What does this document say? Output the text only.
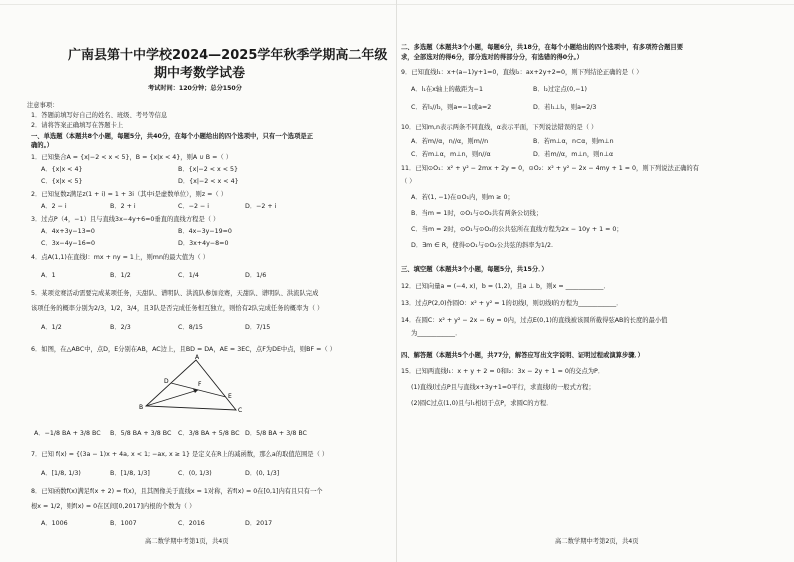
广南县第十中学校2024—2025学年秋季学期高二年级
期中考数学试卷
考试时间：120分钟；总分150分
注意事项：
1．答题前填写好自己的姓名、班级、考号等信息
2．请将答案正确填写在答题卡上
一、单选题（本题共8个小题，每题5分，共40分，在每个小题给出的四个选项中，只有一个选项是正
确的。）
1．已知集合A = {x|−2 < x < 5}，B = {x|x < 4}，则A ∪ B =（ ）
A．{x|x < 4}	B．{x|−2 < x < 5}
C．{x|x < 5}	D．{x|−2 < x < 4}
2．已知复数z满足z(1 + i) = 1 + 3i（其中i是虚数单位），则z =（ ）
A．2 − i	B．2 + i	C．−2 − i	D．−2 + i
3．过点P（4，−1）且与直线3x−4y+6=0垂直的直线方程是（ ）
A．4x+3y−13=0	B．4x−3y−19=0
C．3x−4y−16=0	D．3x+4y−8=0
4．点A(1,1)在直线l：mx + ny = 1上，则mn的最大值为（ ）
A．1	B．1/2	C．1/4	D．1/6
5．某项竞赛活动需要完成某项任务，天甜队、谱明队、洪流队参加竞赛，天甜队、谱明队、洪流队完成
该项任务的概率分别为2/3，1/2，3/4，且3队是否完成任务相互独立，则恰有2队完成任务的概率为（ ）
A．1/2	B．2/3	C．8/15	D．7/15
6．如图，在△ABC中，点D，E分别在AB，AC边上，且BD = DA，AE = 3EC，点F为DE中点，则BF =（ ）
A
D	F
B
E
C
A．−1/8 BA + 3/8 BC B．5/8 BA + 3/8 BC C．3/8 BA + 5/8 BC D．5/8 BA + 3/8 BC
7．已知 f(x) = {(3a − 1)x + 4a, x < 1; −ax, x ≥ 1} 是定义在R上的减函数，那么a的取值范围是（ ）
A．[1/8, 1/3)	B．[1/8, 1/3]	C．(0, 1/3)	D．(0, 1/3]
8．已知函数f(x)满足f(x + 2) = f(x)，且其图像关于直线x = 1对称，若f(x) = 0在[0,1]内有且只有一个
根x = 1/2，则f(x) = 0在区间[0,2017]内根的个数为（ ）
A．1006	B．1007	C．2016	D．2017
高二数学期中考第1页，共4页
二、多选题（本题共3个小题，每题6分，共18分，在每个小题给出的四个选项中，有多项符合题目要
求，全部选对的得6分，部分选对的得部分分，有选错的得0分。）
9．已知直线l₁：x+(a−1)y+1=0，直线l₂：ax+2y+2=0，则下列结论正确的是（ ）
A．l₁在x轴上的截距为−1	B．l₂过定点(0,−1)
C．若l₁//l₂，则a=−1或a=2	D．若l₁⊥l₂，则a=2/3
10．已知m,n表示两条不同直线，α表示平面，下列说法错误的是（ ）
A．若m//α，n//α，则m//n	B．若m⊥α，n⊂α，则m⊥n
C．若m⊥α，m⊥n，则n//α	D．若m//α，m⊥n，则n⊥α
11．已知⊙O₁：x² + y² − 2mx + 2y = 0，⊙O₂：x² + y² − 2x − 4my + 1 = 0，则下列说法正确的有
（ ）
A．若(1, −1)在⊙O₁内，则m ≥ 0；
B．当m = 1时，⊙O₁与⊙O₂共有两条公切线；
C．当m = 2时，⊙O₁与⊙O₂的公共弦所在直线方程为2x − 10y + 1 = 0；
D．∃m ∈ R，使得⊙O₁与⊙O₂公共弦的斜率为1/2.
三、填空题（本题共3个小题，每题5分，共15分．）
12．已知向量a = (−4, x)，b = (1,2)，且a ⊥ b，则x = ____________．
13．过点P(2,0)作圆O：x² + y² = 1的切线l，则切线l的方程为____________．
14．在圆C：x² + y² − 2x − 6y = 0内，过点E(0,1)的直线被该圆所截得弦AB的长度的最小值
为____________．
四、解答题（本题共5个小题，共77分，解答应写出文字说明、证明过程或演算步骤．）
15．已知两直线l₁：x + y + 2 = 0和l₂：3x − 2y + 1 = 0的交点为P．
(1)直线l过点P且与直线x+3y+1=0平行，求直线l的一般式方程；
(2)圆C过点(1,0)且与l₁相切于点P，求圆C的方程．
高二数学期中考第2页，共4页
